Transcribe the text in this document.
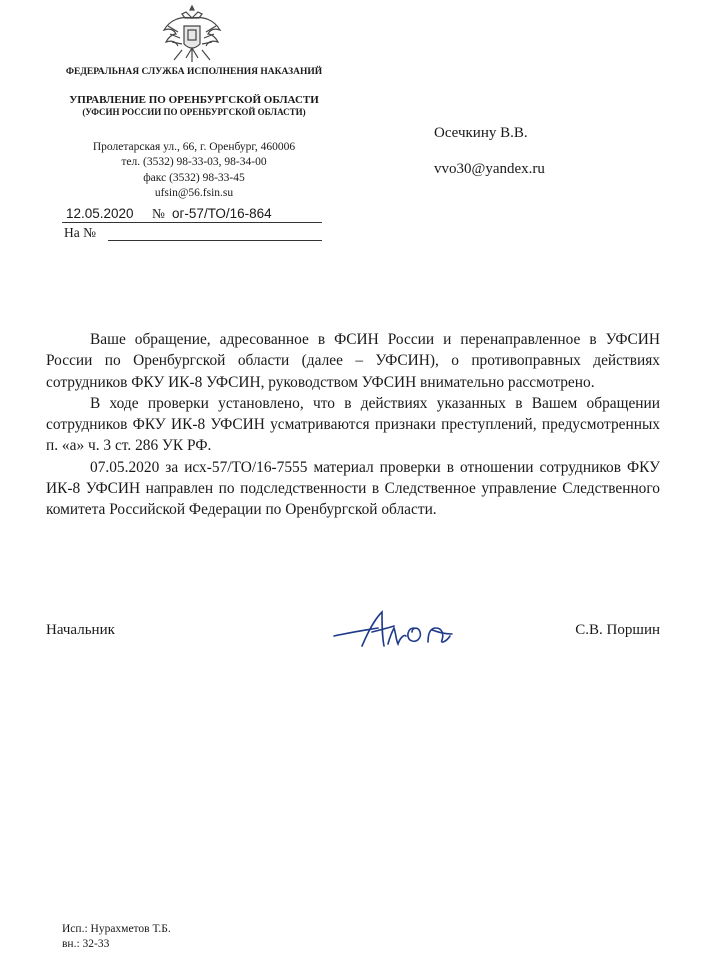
ФЕДЕРАЛЬНАЯ СЛУЖБА ИСПОЛНЕНИЯ НАКАЗАНИЙ
УПРАВЛЕНИЕ ПО ОРЕНБУРГСКОЙ ОБЛАСТИ
(УФСИН РОССИИ ПО ОРЕНБУРГСКОЙ ОБЛАСТИ)
Пролетарская ул., 66, г. Оренбург, 460006
тел. (3532) 98-33-03, 98-34-00
факс (3532) 98-33-45
ufsin@56.fsin.su
12.05.2020 № ог-57/ТО/16-864
На №
Осечкину В.В.
vvo30@yandex.ru

Ваше обращение, адресованное в ФСИН России и перенаправленное в УФСИН России по Оренбургской области (далее – УФСИН), о противоправных действиях сотрудников ФКУ ИК-8 УФСИН, руководством УФСИН внимательно рассмотрено.

В ходе проверки установлено, что в действиях указанных в Вашем обращении сотрудников ФКУ ИК-8 УФСИН усматриваются признаки преступлений, предусмотренных п. «а» ч. 3 ст. 286 УК РФ.

07.05.2020 за исх-57/ТО/16-7555 материал проверки в отношении сотрудников ФКУ ИК-8 УФСИН направлен по подследственности в Следственное управление Следственного комитета Российской Федерации по Оренбургской области.

Начальник	С.В. Поршин
Исп.: Нурахметов Т.Б.
вн.: 32-33
